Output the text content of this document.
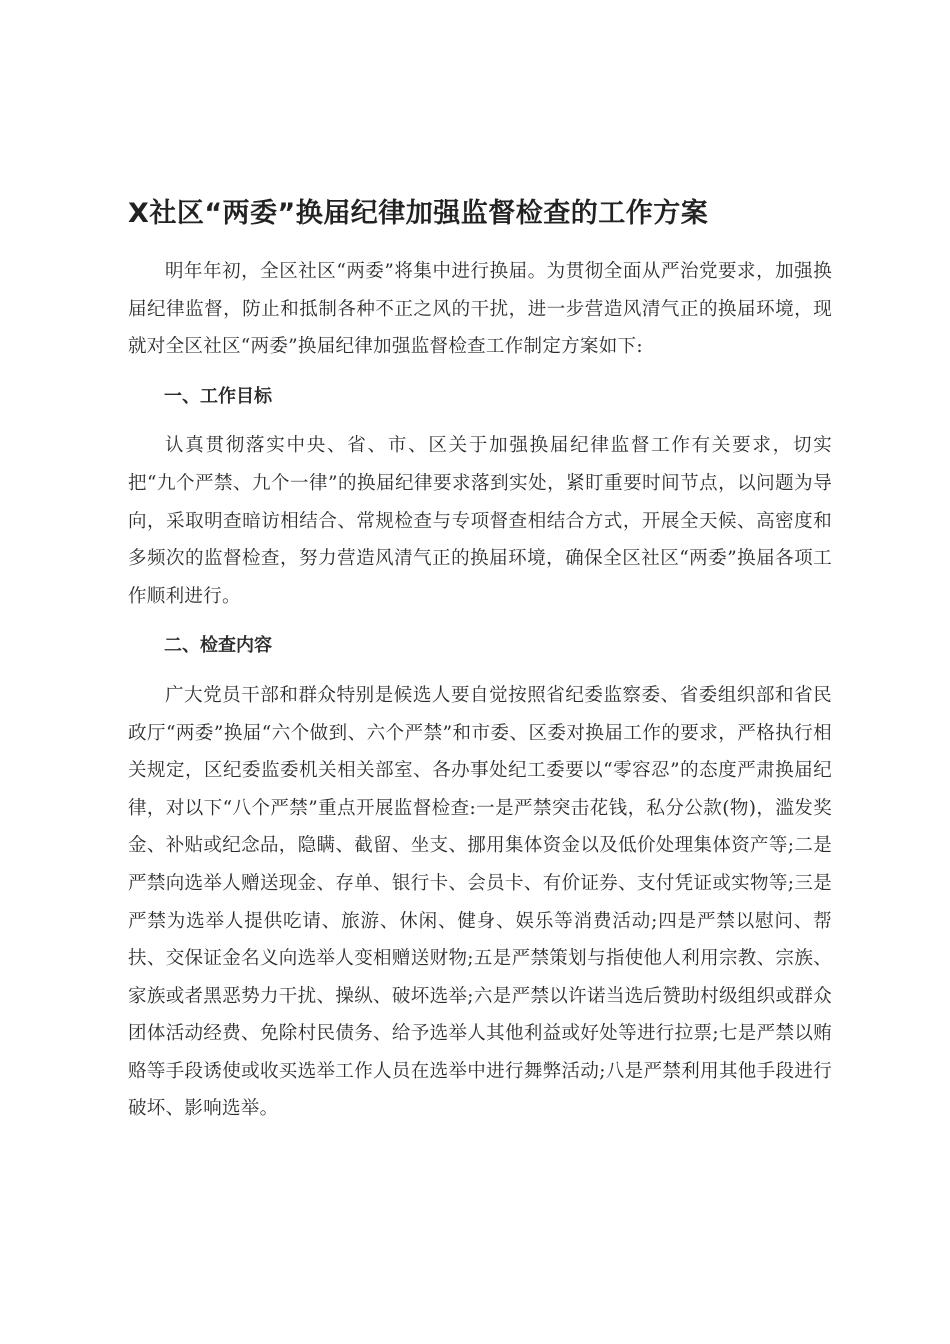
X社区“两委”换届纪律加强监督检查的工作方案

明年年初，全区社区“两委”将集中进行换届。为贯彻全面从严治党要求，加强换届纪律监督，防止和抵制各种不正之风的干扰，进一步营造风清气正的换届环境，现就对全区社区“两委”换届纪律加强监督检查工作制定方案如下:

一、工作目标

认真贯彻落实中央、省、市、区关于加强换届纪律监督工作有关要求，切实把“九个严禁、九个一律”的换届纪律要求落到实处，紧盯重要时间节点，以问题为导向，采取明查暗访相结合、常规检查与专项督查相结合方式，开展全天候、高密度和多频次的监督检查，努力营造风清气正的换届环境，确保全区社区“两委”换届各项工作顺利进行。

二、检查内容

广大党员干部和群众特别是候选人要自觉按照省纪委监察委、省委组织部和省民政厅“两委”换届“六个做到、六个严禁”和市委、区委对换届工作的要求，严格执行相关规定，区纪委监委机关相关部室、各办事处纪工委要以“零容忍”的态度严肃换届纪律，对以下“八个严禁”重点开展监督检查:一是严禁突击花钱，私分公款(物)，滥发奖金、补贴或纪念品，隐瞒、截留、坐支、挪用集体资金以及低价处理集体资产等;二是严禁向选举人赠送现金、存单、银行卡、会员卡、有价证券、支付凭证或实物等;三是严禁为选举人提供吃请、旅游、休闲、健身、娱乐等消费活动;四是严禁以慰问、帮扶、交保证金名义向选举人变相赠送财物;五是严禁策划与指使他人利用宗教、宗族、家族或者黑恶势力干扰、操纵、破坏选举;六是严禁以许诺当选后赞助村级组织或群众团体活动经费、免除村民债务、给予选举人其他利益或好处等进行拉票;七是严禁以贿赂等手段诱使或收买选举工作人员在选举中进行舞弊活动;八是严禁利用其他手段进行破坏、影响选举。
